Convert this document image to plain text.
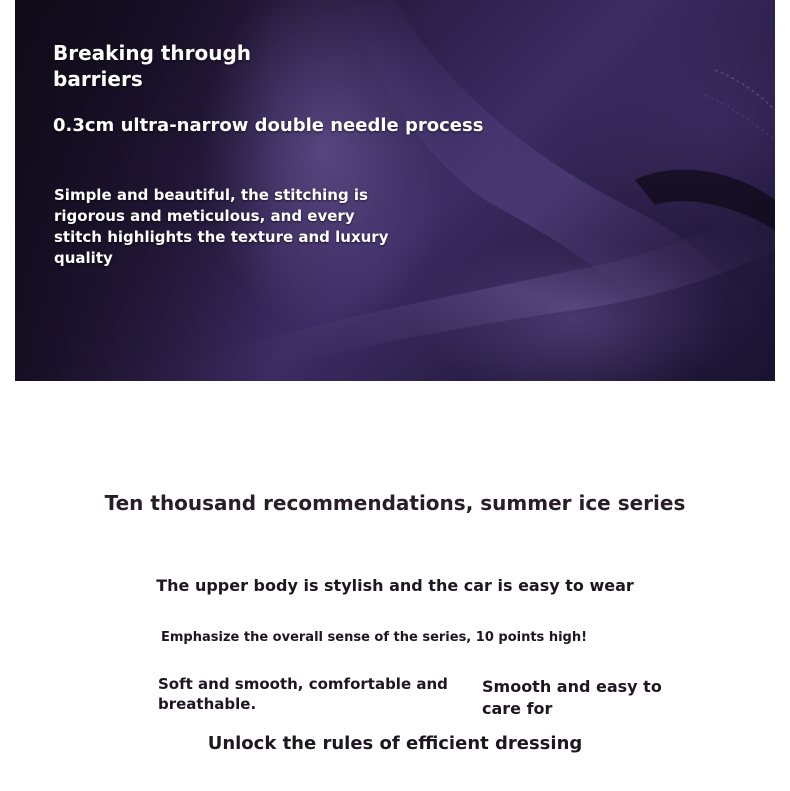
Breaking through barriers
0.3cm ultra-narrow double needle process
Simple and beautiful, the stitching is rigorous and meticulous, and every stitch highlights the texture and luxury quality
Ten thousand recommendations, summer ice series
The upper body is stylish and the car is easy to wear
Emphasize the overall sense of the series, 10 points high!
Soft and smooth, comfortable and breathable.
Smooth and easy to care for
Unlock the rules of efficient dressing
